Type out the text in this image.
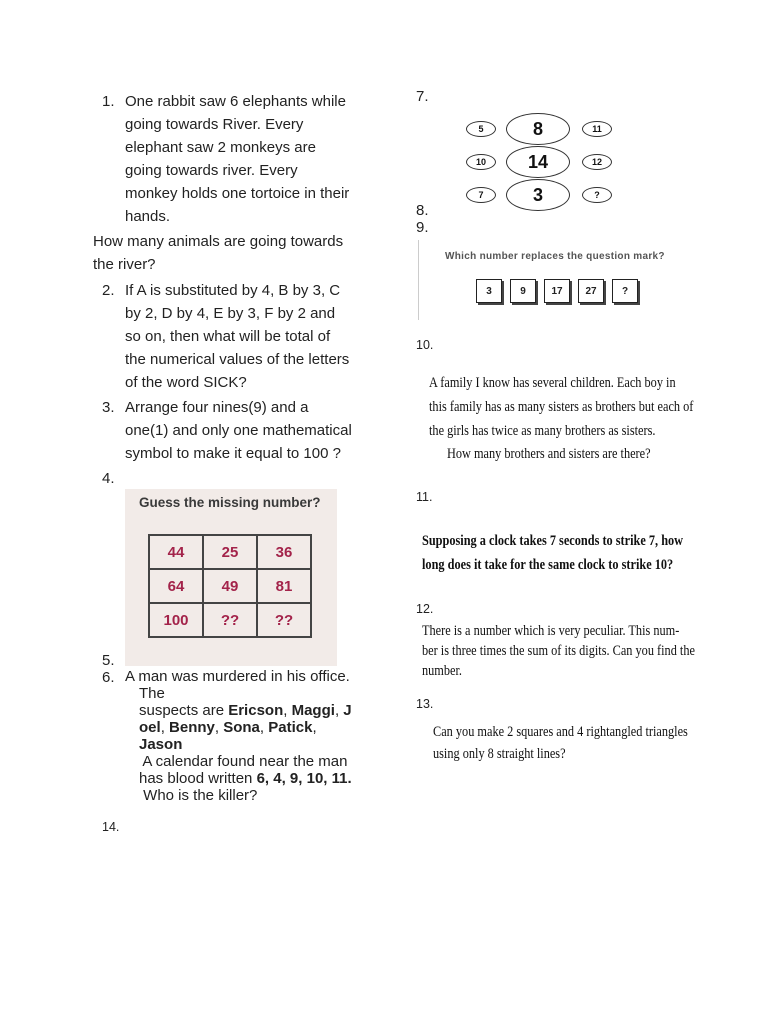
1. One rabbit saw 6 elephants while
going towards River. Every
elephant saw 2 monkeys are
going towards river. Every
monkey holds one tortoice in their
hands.
How many animals are going towards
the river?
2. If A is substituted by 4, B by 3, C
by 2, D by 4, E by 3, F by 2 and
so on, then what will be total of
the numerical values of the letters
of the word SICK?
3. Arrange four nines(9) and a
one(1) and only one mathematical
symbol to make it equal to 100 ?
4.
Guess the missing number?
44	25	36
64	49	81
100	??	??
5.
6. A man was murdered in his office.
The
suspects are Ericson, Maggi, J
oel, Benny, Sona, Patick,
Jason
A calendar found near the man
has blood written 6, 4, 9, 10, 11.
Who is the killer?
14.
7.
5	8	11
10	14	12
7	3	?
8.
9.
Which number replaces the question mark?
3	9	17	27	?
10.
A family I know has several children. Each boy in
this family has as many sisters as brothers but each of
the girls has twice as many brothers as sisters.
How many brothers and sisters are there?
11.
Supposing a clock takes 7 seconds to strike 7, how
long does it take for the same clock to strike 10?
12.
There is a number which is very peculiar. This num-
ber is three times the sum of its digits. Can you find the
number.
13.
Can you make 2 squares and 4 rightangled triangles
using only 8 straight lines?
